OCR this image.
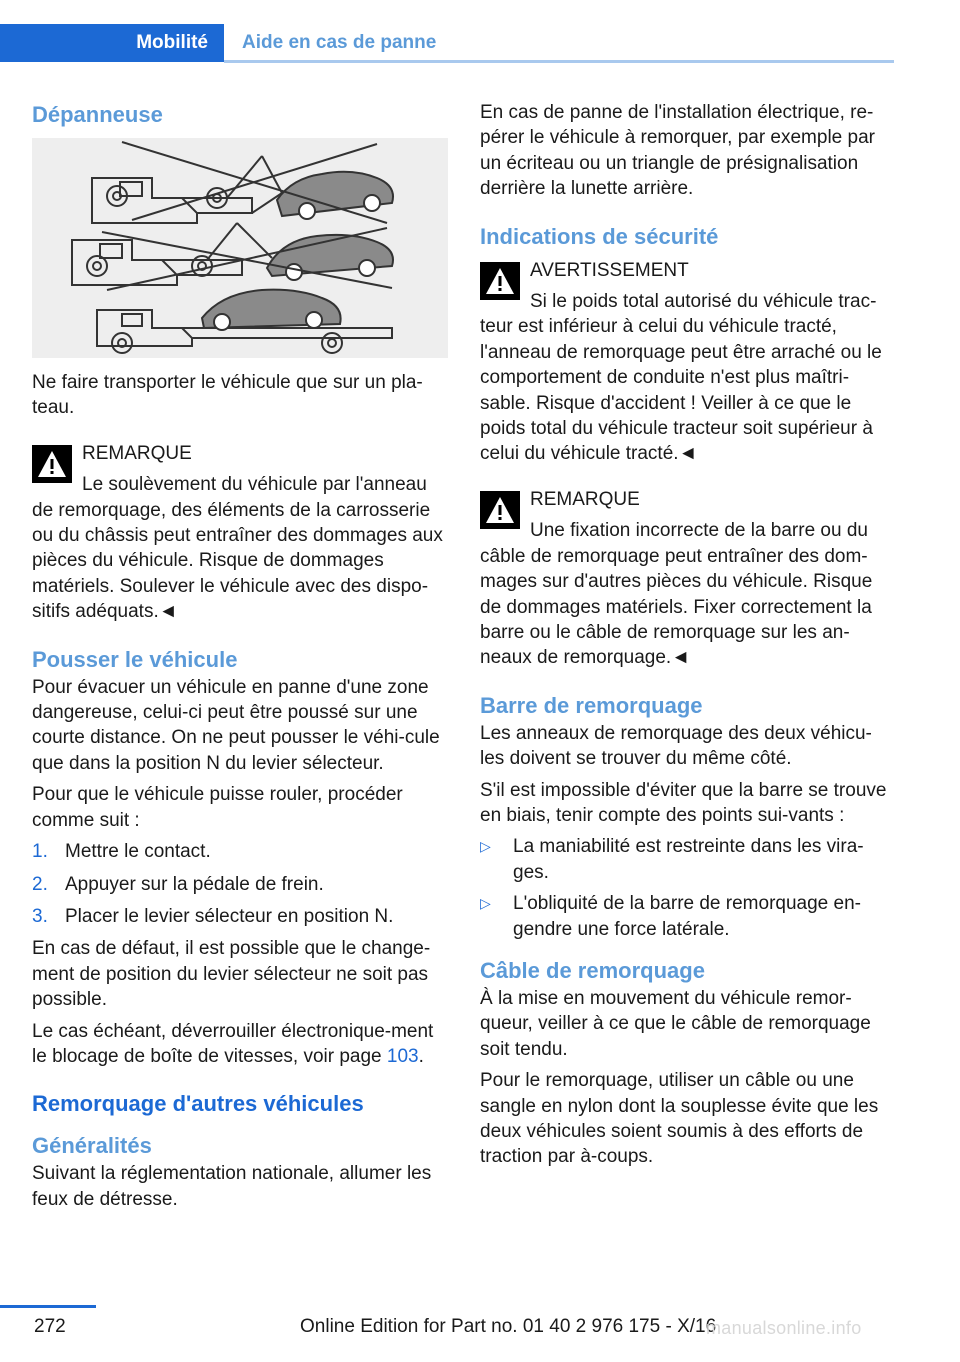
Mobilité	Aide en cas de panne
Dépanneuse

Ne faire transporter le véhicule que sur un pla-teau.

REMARQUE

Le soulèvement du véhicule par l'anneau

de remorquage, des éléments de la carrosserie ou du châssis peut entraîner des dommages aux pièces du véhicule. Risque de dommages matériels. Soulever le véhicule avec des dispo-sitifs adéquats.◄

Pousser le véhicule

Pour évacuer un véhicule en panne d'une zone dangereuse, celui-ci peut être poussé sur une courte distance. On ne peut pousser le véhi-cule que dans la position N du levier sélecteur.

Pour que le véhicule puisse rouler, procéder comme suit :

1. Mettre le contact.
2. Appuyer sur la pédale de frein.
3. Placer le levier sélecteur en position N.

En cas de défaut, il est possible que le change-ment de position du levier sélecteur ne soit pas possible.

Le cas échéant, déverrouiller électronique-ment le blocage de boîte de vitesses, voir page 103.

Remorquage d'autres véhicules
Généralités

Suivant la réglementation nationale, allumer les feux de détresse.

En cas de panne de l'installation électrique, re-pérer le véhicule à remorquer, par exemple par un écriteau ou un triangle de présignalisation derrière la lunette arrière.

Indications de sécurité

AVERTISSEMENT

Si le poids total autorisé du véhicule trac-

teur est inférieur à celui du véhicule tracté, l'anneau de remorquage peut être arraché ou le comportement de conduite n'est plus maîtri-sable. Risque d'accident ! Veiller à ce que le poids total du véhicule tracteur soit supérieur à celui du véhicule tracté.◄

REMARQUE

Une fixation incorrecte de la barre ou du

câble de remorquage peut entraîner des dom-mages sur d'autres pièces du véhicule. Risque de dommages matériels. Fixer correctement la barre ou le câble de remorquage sur les an-neaux de remorquage.◄

Barre de remorquage

Les anneaux de remorquage des deux véhicu-les doivent se trouver du même côté.

S'il est impossible d'éviter que la barre se trouve en biais, tenir compte des points sui-vants :

▷ La maniabilité est restreinte dans les vira-ges.
▷ L'obliquité de la barre de remorquage en-gendre une force latérale.
Câble de remorquage

À la mise en mouvement du véhicule remor-queur, veiller à ce que le câble de remorquage soit tendu.

Pour le remorquage, utiliser un câble ou une sangle en nylon dont la souplesse évite que les deux véhicules soient soumis à des efforts de traction par à-coups.

272	Online Edition for Part no. 01 40 2 976 175 - X/16
manualsonline.info
